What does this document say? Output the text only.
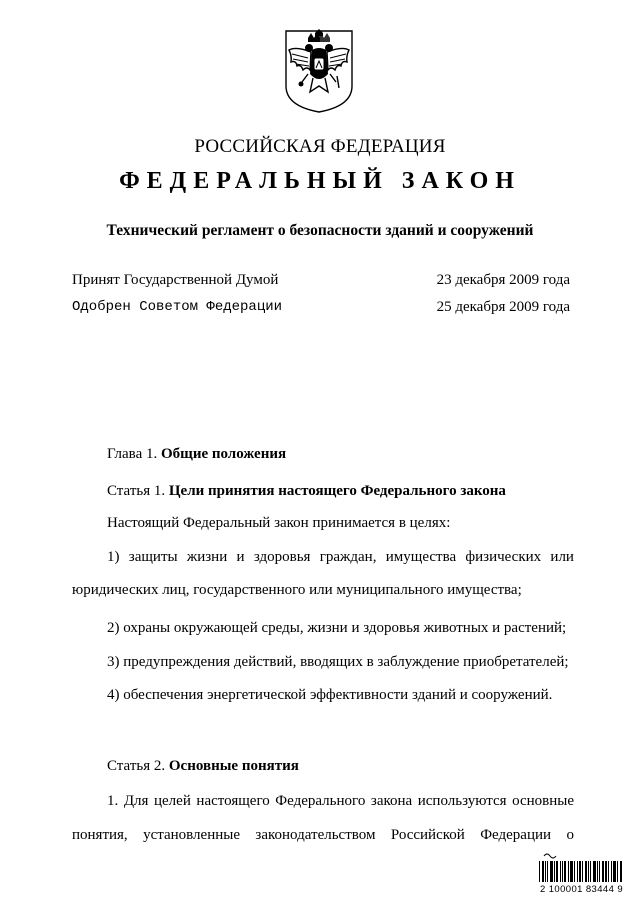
РОССИЙСКАЯ ФЕДЕРАЦИЯ
ФЕДЕРАЛЬНЫЙ ЗАКОН
Технический регламент о безопасности зданий и сооружений
Принят Государственной Думой	23 декабря 2009 года
Одобрен Советом Федерации	25 декабря 2009 года
Глава 1. Общие положения
Статья 1. Цели принятия настоящего Федерального закона
Настоящий Федеральный закон принимается в целях:
1) защиты жизни и здоровья граждан, имущества физических или
юридических лиц, государственного или муниципального имущества;
2) охраны окружающей среды, жизни и здоровья животных и растений;
3) предупреждения действий, вводящих в заблуждение приобретателей;
4) обеспечения энергетической эффективности зданий и сооружений.
Статья 2. Основные понятия
1. Для целей настоящего Федерального закона используются основные
понятия, установленные законодательством Российской Федерации о
2 100001 83444 9
